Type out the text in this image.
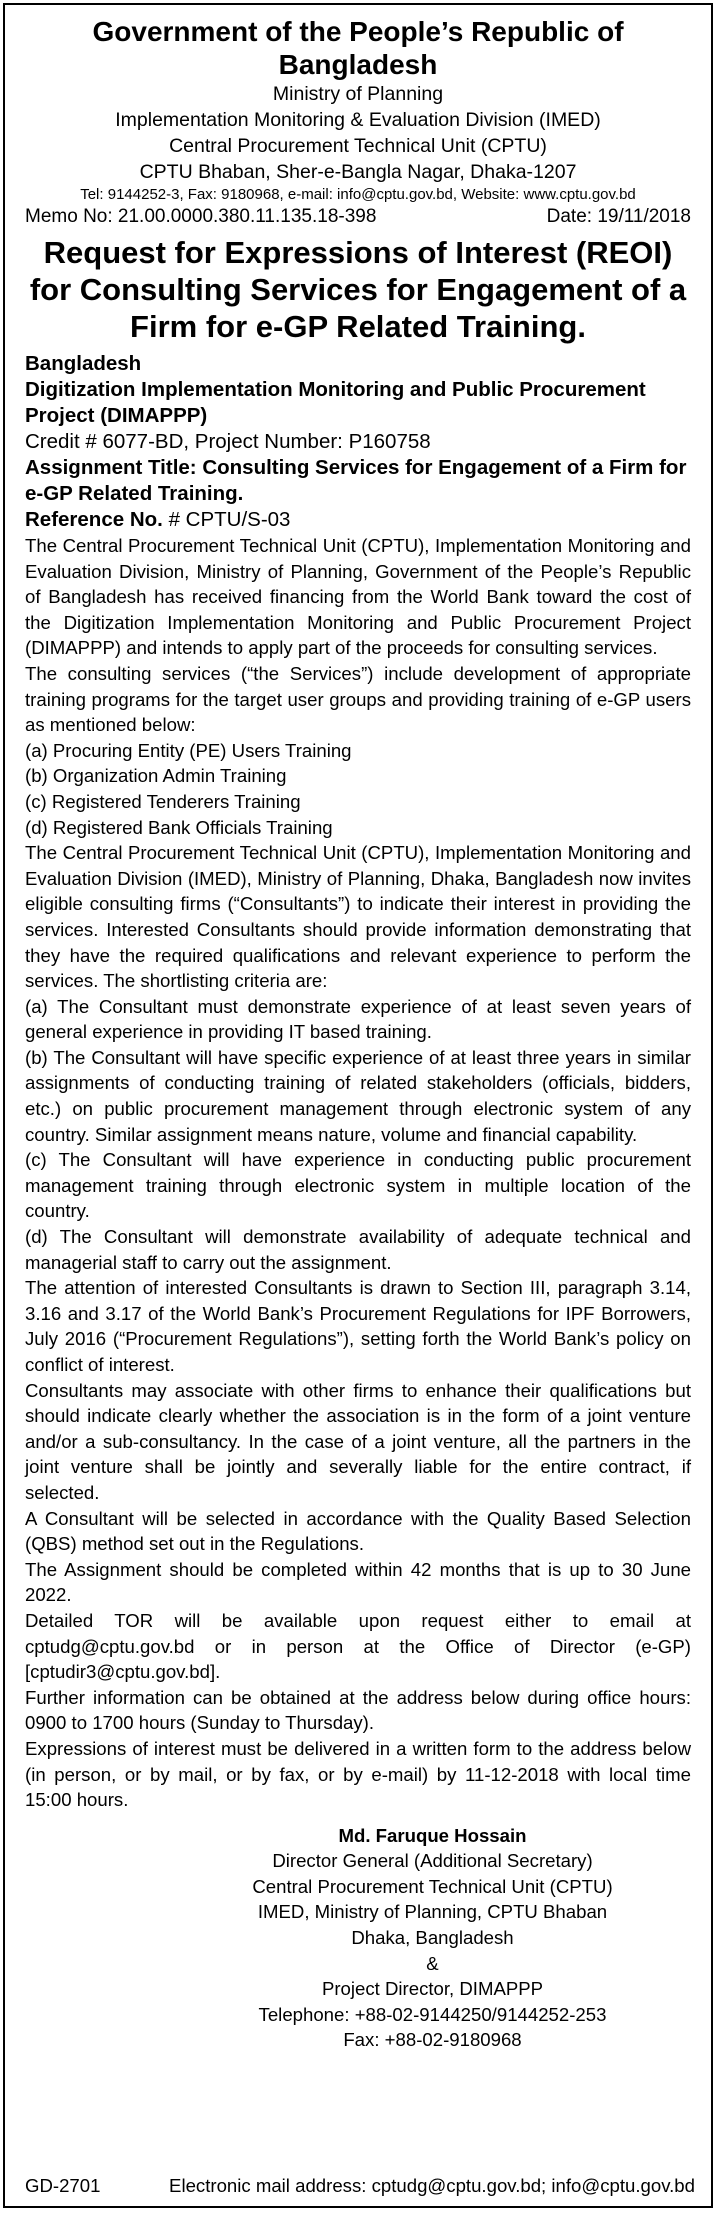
Government of the People’s Republic of Bangladesh
Ministry of Planning
Implementation Monitoring & Evaluation Division (IMED)
Central Procurement Technical Unit (CPTU)
CPTU Bhaban, Sher-e-Bangla Nagar, Dhaka-1207
Tel: 9144252-3, Fax: 9180968, e-mail: info@cptu.gov.bd, Website: www.cptu.gov.bd
Memo No: 21.00.0000.380.11.135.18-398	Date: 19/11/2018
Request for Expressions of Interest (REOI) for Consulting Services for Engagement of a Firm for e-GP Related Training.
Bangladesh
Digitization Implementation Monitoring and Public Procurement Project (DIMAPPP)
Credit # 6077-BD, Project Number: P160758
Assignment Title: Consulting Services for Engagement of a Firm for e-GP Related Training.
Reference No. # CPTU/S-03

The Central Procurement Technical Unit (CPTU), Implementation Monitoring and Evaluation Division, Ministry of Planning, Government of the People’s Republic of Bangladesh has received financing from the World Bank toward the cost of the Digitization Implementation Monitoring and Public Procurement Project (DIMAPPP) and intends to apply part of the proceeds for consulting services.

The consulting services (“the Services”) include development of appropriate training programs for the target user groups and providing training of e-GP users as mentioned below:

(a) Procuring Entity (PE) Users Training

(b) Organization Admin Training

(c) Registered Tenderers Training

(d) Registered Bank Officials Training

The Central Procurement Technical Unit (CPTU), Implementation Monitoring and Evaluation Division (IMED), Ministry of Planning, Dhaka, Bangladesh now invites eligible consulting firms (“Consultants”) to indicate their interest in providing the services. Interested Consultants should provide information demonstrating that they have the required qualifications and relevant experience to perform the services. The shortlisting criteria are:

(a) The Consultant must demonstrate experience of at least seven years of general experience in providing IT based training.

(b) The Consultant will have specific experience of at least three years in similar assignments of conducting training of related stakeholders (officials, bidders, etc.) on public procurement management through electronic system of any country. Similar assignment means nature, volume and financial capability.

(c) The Consultant will have experience in conducting public procurement management training through electronic system in multiple location of the country.

(d) The Consultant will demonstrate availability of adequate technical and managerial staff to carry out the assignment.

The attention of interested Consultants is drawn to Section III, paragraph 3.14, 3.16 and 3.17 of the World Bank’s Procurement Regulations for IPF Borrowers, July 2016 (“Procurement Regulations”), setting forth the World Bank’s policy on conflict of interest.

Consultants may associate with other firms to enhance their qualifications but should indicate clearly whether the association is in the form of a joint venture and/or a sub-consultancy. In the case of a joint venture, all the partners in the joint venture shall be jointly and severally liable for the entire contract, if selected.

A Consultant will be selected in accordance with the Quality Based Selection (QBS) method set out in the Regulations.

The Assignment should be completed within 42 months that is up to 30 June 2022.

Detailed TOR will be available upon request either to email at cptudg@cptu.gov.bd or in person at the Office of Director (e-GP) [cptudir3@cptu.gov.bd].

Further information can be obtained at the address below during office hours: 0900 to 1700 hours (Sunday to Thursday).

Expressions of interest must be delivered in a written form to the address below (in person, or by mail, or by fax, or by e-mail) by 11-12-2018 with local time 15:00 hours.

Md. Faruque Hossain
Director General (Additional Secretary)
Central Procurement Technical Unit (CPTU)
IMED, Ministry of Planning, CPTU Bhaban
Dhaka, Bangladesh
&
Project Director, DIMAPPP
Telephone: +88-02-9144250/9144252-253
Fax: +88-02-9180968
GD-2701	Electronic mail address: cptudg@cptu.gov.bd; info@cptu.gov.bd
